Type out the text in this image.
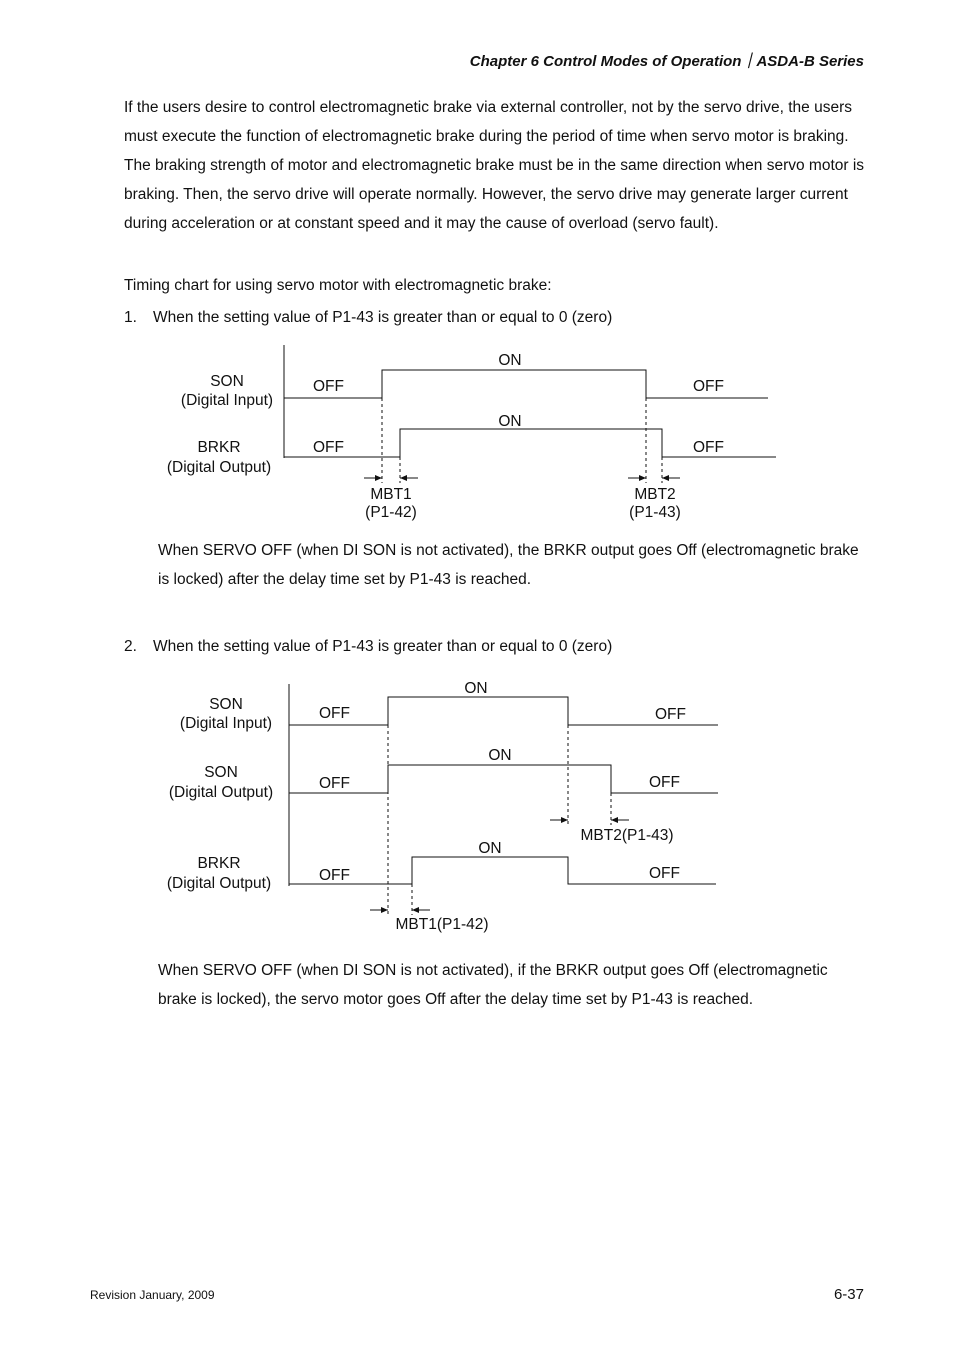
Chapter 6 Control Modes of Operation｜ASDA-B Series

If the users desire to control electromagnetic brake via external controller, not by the servo drive, the users must execute the function of electromagnetic brake during the period of time when servo motor is braking. The braking strength of motor and electromagnetic brake must be in the same direction when servo motor is braking. Then, the servo drive will operate normally. However, the servo drive may generate larger current during acceleration or at constant speed and it may the cause of overload (servo fault).

Timing chart for using servo motor with electromagnetic brake:

1. When the setting value of P1-43 is greater than or equal to 0 (zero)

SON
(Digital Input)
BRKR
(Digital Output)
OFF
ON
OFF
OFF
ON
OFF
MBT1
(P1-42)
MBT2
(P1-43)

When SERVO OFF (when DI SON is not activated), the BRKR output goes Off (electromagnetic brake is locked) after the delay time set by P1-43 is reached.

2. When the setting value of P1-43 is greater than or equal to 0 (zero)

SON
(Digital Input)
SON
(Digital Output)
BRKR
(Digital Output)
OFF
ON
OFF
OFF
ON
OFF
MBT2(P1-43)
OFF
ON
OFF
MBT1(P1-42)

When SERVO OFF (when DI SON is not activated), if the BRKR output goes Off (electromagnetic brake is locked), the servo motor goes Off after the delay time set by P1-43 is reached.

Revision January, 2009	6-37
